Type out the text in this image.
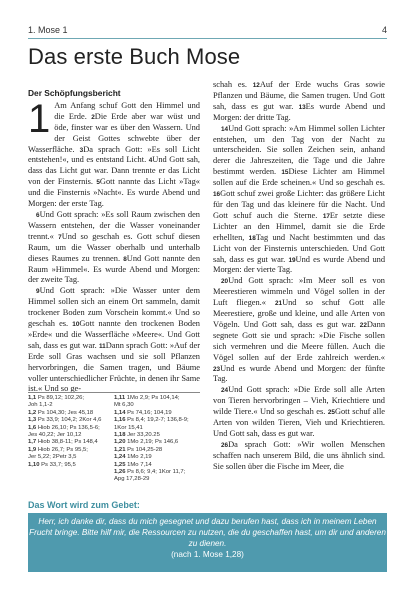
1. Mose 1	4
Das erste Buch Mose
Der Schöpfungsbericht

1 Am Anfang schuf Gott den Himmel und die Erde. 2Die Erde aber war wüst und öde, finster war es über den Wassern. Und der Geist Gottes schwebte über der Wasserfläche. 3Da sprach Gott: »Es soll Licht entstehen!«, und es entstand Licht. 4Und Gott sah, dass das Licht gut war. Dann trennte er das Licht von der Finsternis. 5Gott nannte das Licht »Tag« und die Finsternis »Nacht«. Es wurde Abend und Morgen: der erste Tag.

6Und Gott sprach: »Es soll Raum zwischen den Wassern entstehen, der die Wasser voneinander trennt.« 7Und so geschah es. Gott schuf diesen Raum, um die Wasser oberhalb und unterhalb dieses Raumes zu trennen. 8Und Gott nannte den Raum »Himmel«. Es wurde Abend und Morgen: der zweite Tag.

9Und Gott sprach: »Die Wasser unter dem Himmel sollen sich an einem Ort sammeln, damit trockener Boden zum Vorschein kommt.« Und so geschah es. 10Gott nannte den trockenen Boden »Erde« und die Wasserfläche »Meere«. Und Gott sah, dass es gut war. 11Dann sprach Gott: »Auf der Erde soll Gras wachsen und sie soll Pflanzen hervorbringen, die Samen tragen, und Bäume voller unterschiedlicher Früchte, in denen ihr Same ist.« Und so ge-

schah es. 12Auf der Erde wuchs Gras sowie Pflanzen und Bäume, die Samen trugen. Und Gott sah, dass es gut war. 13Es wurde Abend und Morgen: der dritte Tag.

14Und Gott sprach: »Am Himmel sollen Lichter entstehen, um den Tag von der Nacht zu unterscheiden. Sie sollen Zeichen sein, anhand derer die Jahreszeiten, die Tage und die Jahre bestimmt werden. 15Diese Lichter am Himmel sollen auf die Erde scheinen.« Und so geschah es. 16Gott schuf zwei große Lichter: das größere Licht für den Tag und das kleinere für die Nacht. Und Gott schuf auch die Sterne. 17Er setzte diese Lichter an den Himmel, damit sie die Erde erhellten, 18Tag und Nacht bestimmten und das Licht von der Finsternis unterschieden. Und Gott sah, dass es gut war. 19Und es wurde Abend und Morgen: der vierte Tag.

20Und Gott sprach: »Im Meer soll es von Meerestieren wimmeln und Vögel sollen in der Luft fliegen.« 21Und so schuf Gott alle Meerestiere, große und kleine, und alle Arten von Vögeln. Und Gott sah, dass es gut war. 22Dann segnete Gott sie und sprach: »Die Fische sollen sich vermehren und die Meere füllen. Auch die Vögel sollen auf der Erde zahlreich werden.« 23Und es wurde Abend und Morgen: der fünfte Tag.

24Und Gott sprach: »Die Erde soll alle Arten von Tieren hervorbringen – Vieh, Kriechtiere und wilde Tiere.« Und so geschah es. 25Gott schuf alle Arten von wilden Tieren, Vieh und Kriechtieren. Und Gott sah, dass es gut war.

26Da sprach Gott: »Wir wollen Menschen schaffen nach unserem Bild, die uns ähnlich sind. Sie sollen über die Fische im Meer, die

1,1 Ps 89,12; 102,26;
Joh 1,1-2
1,2 Ps 104,30; Jes 45,18
1,3 Ps 33,9; 104,2; 2Kor 4,6
1,6 Hiob 26,10; Ps 136,5-6;
Jes 40,22; Jer 10,12
1,7 Hiob 38,8-11; Ps 148,4
1,9 Hiob 26,7; Ps 95,5;
Jer 5,22; 2Petr 3,5
1,10 Ps 33,7; 95,5
1,11 1Mo 2,9; Ps 104,14;
Mt 6,30
1,14 Ps 74,16; 104,19
1,16 Ps 8,4; 19,2-7; 136,8-9;
1Kor 15,41
1,18 Jer 33,20.25
1,20 1Mo 2,19; Ps 146,6
1,21 Ps 104,25-28
1,24 1Mo 2,19
1,25 1Mo 7,14
1,26 Ps 8,6; 9,4; 1Kor 11,7;
Apg 17,28-29
Das Wort wird zum Gebet:
Herr, ich danke dir, dass du mich gesegnet und dazu berufen hast, dass ich in meinem Leben Frucht bringe. Bitte hilf mir, die Ressourcen zu nutzen, die du geschaffen hast, um dir und anderen zu dienen.
(nach 1. Mose 1,28)
